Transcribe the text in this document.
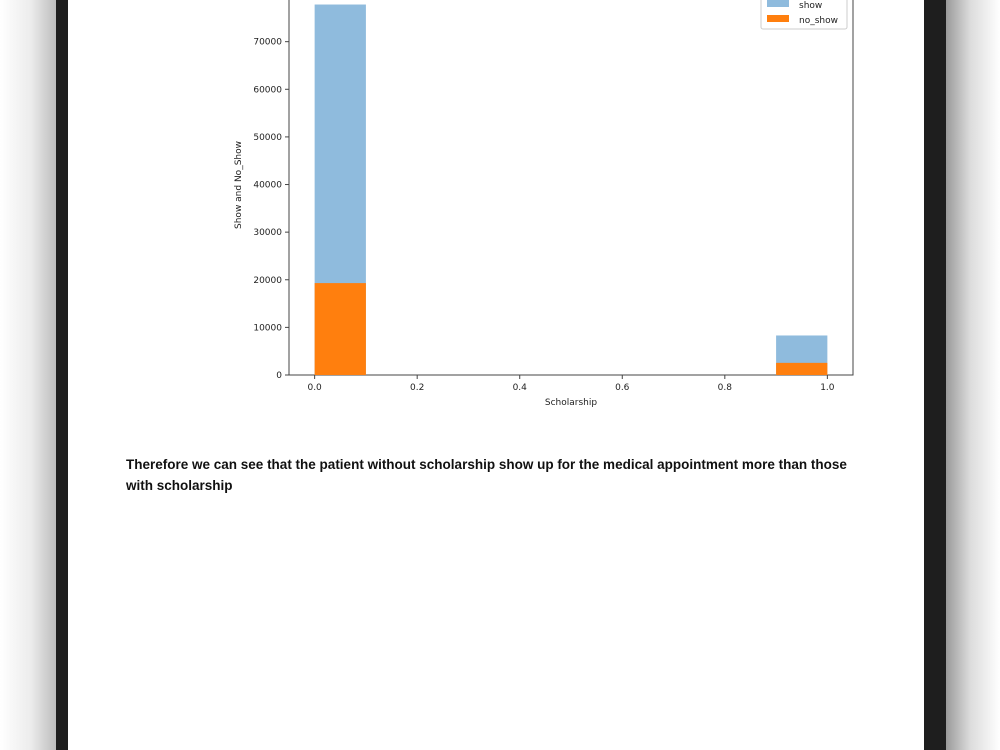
0.0	0.2	0.4	0.6	0.8	1.0
0
10000
20000
30000
40000
50000
60000
70000
Scholarship
Show and No_Show
show
no_show
Therefore we can see that the patient without scholarship show up for the medical appointment more than those with scholarship
